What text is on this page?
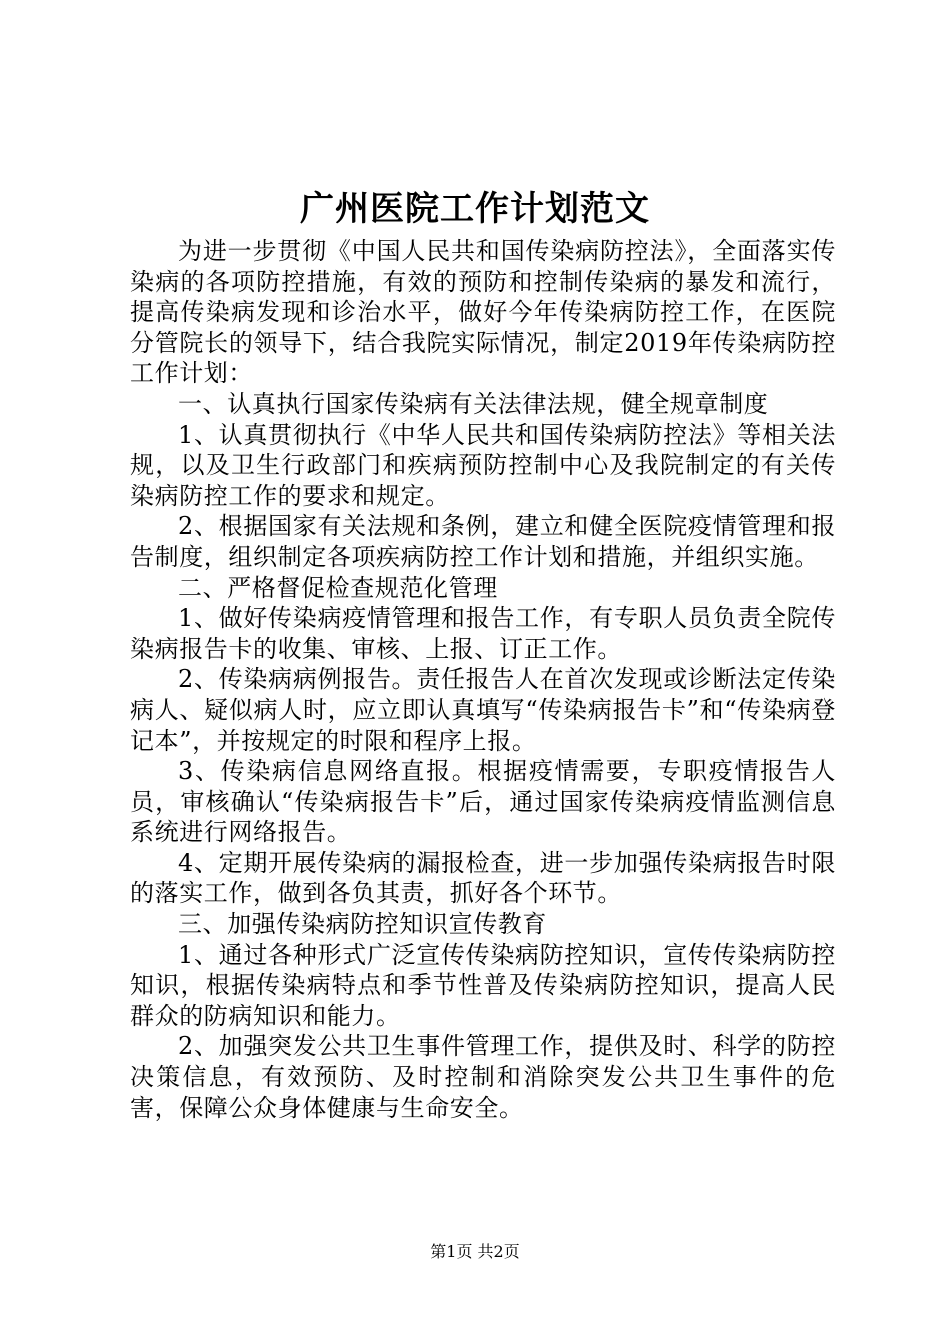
广州医院工作计划范文

为进一步贯彻《中国人民共和国传染病防控法》，全面落实传染病的各项防控措施，有效的预防和控制传染病的暴发和流行，提高传染病发现和诊治水平，做好今年传染病防控工作，在医院分管院长的领导下，结合我院实际情况，制定2019年传染病防控工作计划：

一、认真执行国家传染病有关法律法规，健全规章制度

1、认真贯彻执行《中华人民共和国传染病防控法》等相关法规，以及卫生行政部门和疾病预防控制中心及我院制定的有关传染病防控工作的要求和规定。

2、根据国家有关法规和条例，建立和健全医院疫情管理和报告制度，组织制定各项疾病防控工作计划和措施，并组织实施。

二、严格督促检查规范化管理

1、做好传染病疫情管理和报告工作，有专职人员负责全院传染病报告卡的收集、审核、上报、订正工作。

2、传染病病例报告。责任报告人在首次发现或诊断法定传染病人、疑似病人时，应立即认真填写“传染病报告卡”和“传染病登记本”，并按规定的时限和程序上报。

3、传染病信息网络直报。根据疫情需要，专职疫情报告人员，审核确认“传染病报告卡”后，通过国家传染病疫情监测信息系统进行网络报告。

4、定期开展传染病的漏报检查，进一步加强传染病报告时限的落实工作，做到各负其责，抓好各个环节。

三、加强传染病防控知识宣传教育

1、通过各种形式广泛宣传传染病防控知识，宣传传染病防控知识，根据传染病特点和季节性普及传染病防控知识，提高人民群众的防病知识和能力。

2、加强突发公共卫生事件管理工作，提供及时、科学的防控决策信息，有效预防、及时控制和消除突发公共卫生事件的危害，保障公众身体健康与生命安全。

第1页 共2页
